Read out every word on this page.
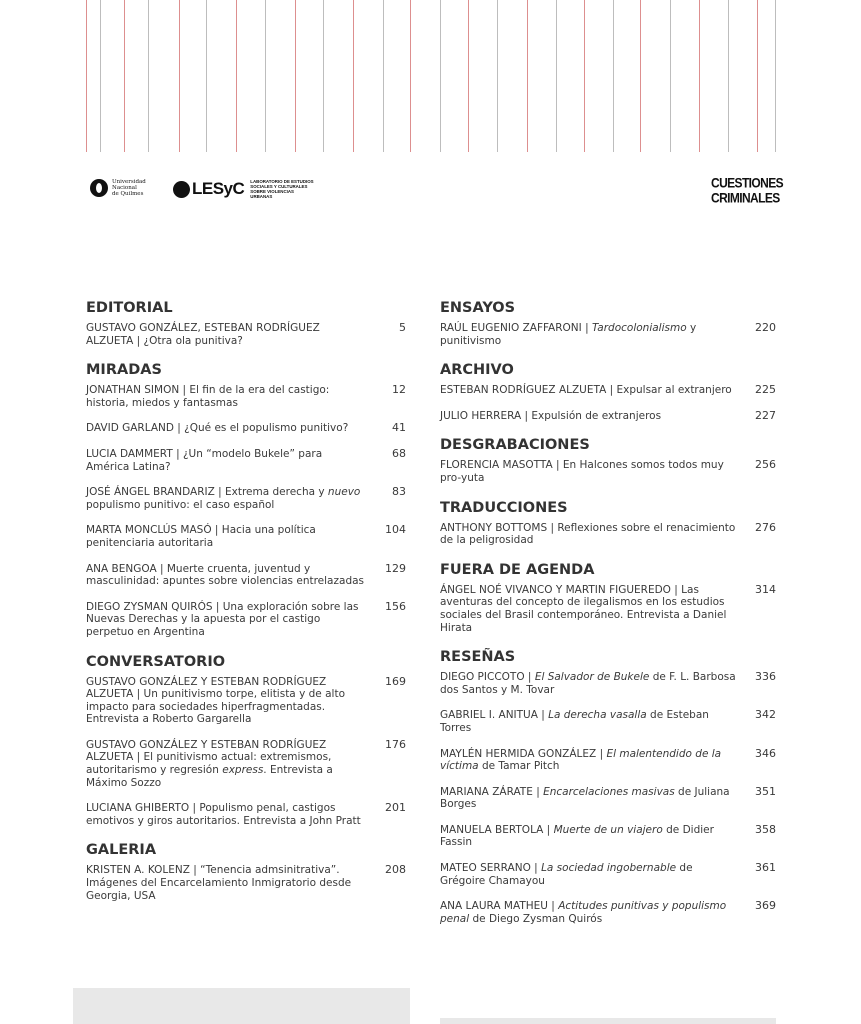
Universidad
Nacional
de Quilmes	LESyC LABORATORIO DE ESTUDIOS
SOCIALES Y CULTURALES
SOBRE VIOLENCIAS URBANAS
CUESTIONES
CRIMINALES
EDITORIAL
GUSTAVO GONZÁLEZ, ESTEBAN RODRÍGUEZ ALZUETA | ¿Otra ola punitiva?
5
MIRADAS
JONATHAN SIMON | El fin de la era del castigo: historia, miedos y fantasmas
12
DAVID GARLAND | ¿Qué es el populismo punitivo?	41
LUCIA DAMMERT | ¿Un “modelo Bukele” para América Latina?
68
JOSÉ ÁNGEL BRANDARIZ | Extrema derecha y nuevo populismo punitivo: el caso español
83
MARTA MONCLÚS MASÓ | Hacia una política penitenciaria autoritaria
104
ANA BENGOA | Muerte cruenta, juventud y masculinidad: apuntes sobre violencias entrelazadas
129
DIEGO ZYSMAN QUIRÓS | Una exploración sobre las Nuevas Derechas y la apuesta por el castigo perpetuo en Argentina
156
CONVERSATORIO
GUSTAVO GONZÁLEZ Y ESTEBAN RODRÍGUEZ ALZUETA | Un punitivismo torpe, elitista y de alto impacto para sociedades hiperfragmentadas. Entrevista a Roberto Gargarella
169
GUSTAVO GONZÁLEZ Y ESTEBAN RODRÍGUEZ ALZUETA | El punitivismo actual: extremismos, autoritarismo y regresión express. Entrevista a Máximo Sozzo
176
LUCIANA GHIBERTO | Populismo penal, castigos emotivos y giros autoritarios. Entrevista a John Pratt
201
GALERIA
KRISTEN A. KOLENZ | “Tenencia admsinitrativa”. Imágenes del Encarcelamiento Inmigratorio desde Georgia, USA
208
ENSAYOS
RAÚL EUGENIO ZAFFARONI | Tardocolonialismo y punitivismo
220
ARCHIVO
ESTEBAN RODRÍGUEZ ALZUETA | Expulsar al extranjero 225
JULIO HERRERA | Expulsión de extranjeros	227
DESGRABACIONES
FLORENCIA MASOTTA | En Halcones somos todos muy pro-yuta
256
TRADUCCIONES
ANTHONY BOTTOMS | Reflexiones sobre el renacimiento de la peligrosidad
276
FUERA DE AGENDA
ÁNGEL NOÉ VIVANCO Y MARTIN FIGUEREDO | Las aventuras del concepto de ilegalismos en los estudios sociales del Brasil contemporáneo. Entrevista a Daniel Hirata
314
RESEÑAS
DIEGO PICCOTO | El Salvador de Bukele de F. L. Barbosa dos Santos y M. Tovar
336
GABRIEL I. ANITUA | La derecha vasalla de Esteban Torres
342
MAYLÉN HERMIDA GONZÁLEZ | El malentendido de la víctima de Tamar Pitch
346
MARIANA ZÁRATE | Encarcelaciones masivas de Juliana Borges
351
MANUELA BERTOLA | Muerte de un viajero de Didier Fassin
358
MATEO SERRANO | La sociedad ingobernable de Grégoire Chamayou
361
ANA LAURA MATHEU | Actitudes punitivas y populismo penal de Diego Zysman Quirós
369
